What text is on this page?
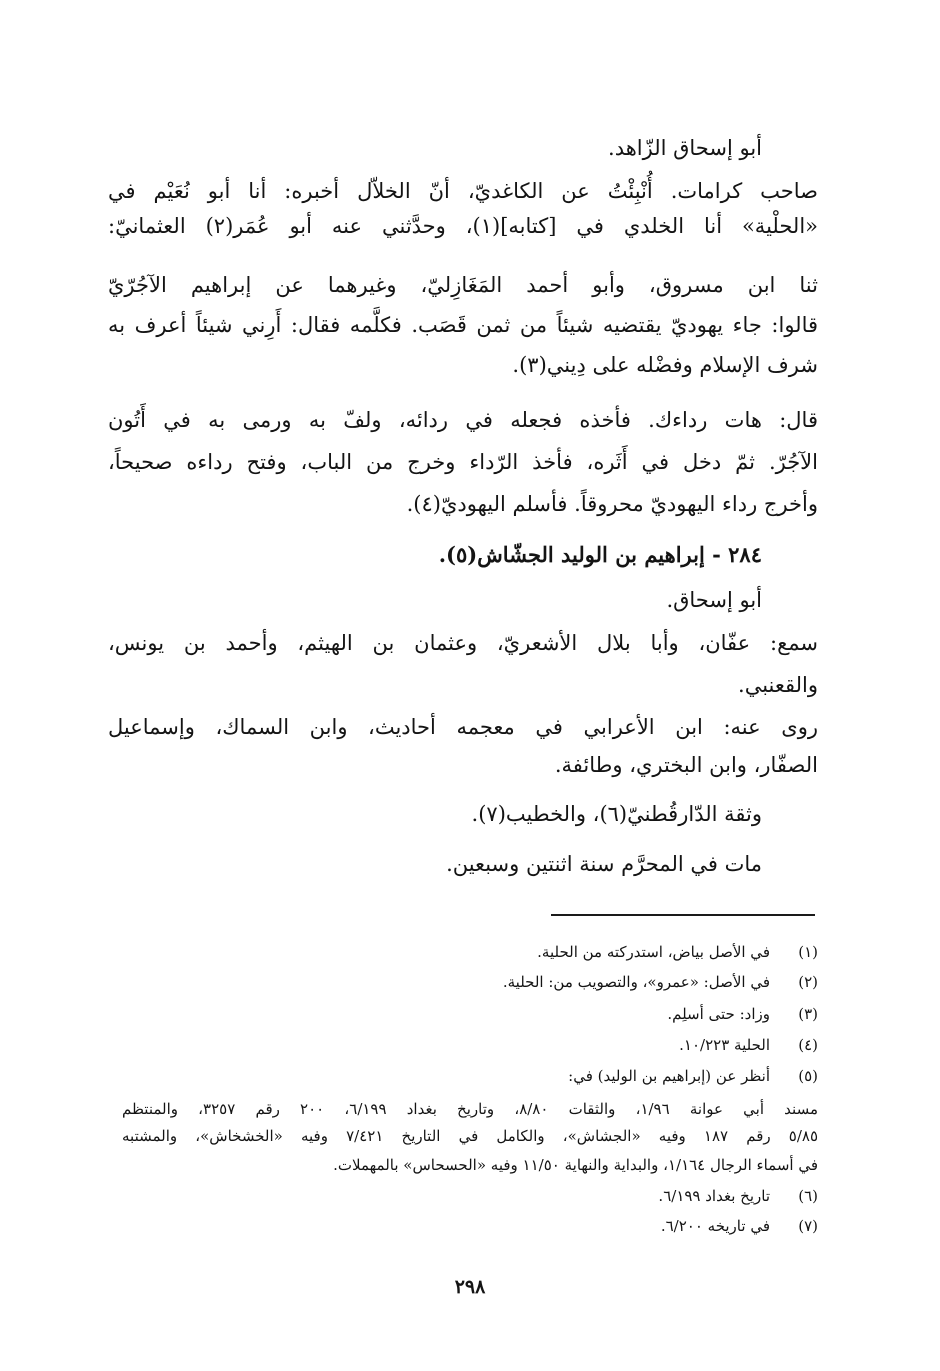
أبو إسحاق الزّاهد.
صاحب كرامات. أُنْبِئْتُ عن الكاغديّ، أنّ الخلاّل أخبره: أنا أبو نُعَيْم في
«الحلْية» أنا الخلدي في [كتابه](١)، وحدَّثني عنه أبو عُمَر(٢) العثمانيّ:
ثنا ابن مسروق، وأبو أحمد المَغَازِليّ، وغيرهما عن إبراهيم الآجُرّيّ
قالوا: جاء يهوديّ يقتضيه شيئاً من ثمن قَصَب. فكلَّمه فقال: أَرِني شيئاً أعرف به
شرف الإسلام وفضْله على دِيني(٣).
قال: هات رداءك. فأخذه فجعله في ردائه، ولفّ به ورمى به في أَتُون
الآجُرّ. ثمّ دخل في أَثَره، فأخذ الرّداء وخرج من الباب، وفتح رداءه صحيحاً،
وأخرج رداء اليهوديّ محروقاً. فأسلم اليهوديّ(٤).
٢٨٤ - إبراهيم بن الوليد الجشّاش(٥).
أبو إسحاق.
سمع: عفّان، وأبا بلال الأشعريّ، وعثمان بن الهيثم، وأحمد بن يونس،
والقعنبي.
روى عنه: ابن الأعرابي في معجمه أحاديث، وابن السماك، وإسماعيل
الصفّار، وابن البختري، وطائفة.
وثقة الدّارقُطنيّ(٦)، والخطيب(٧).
مات في المحرَّم سنة اثنتين وسبعين.
(١)
في الأصل بياض، استدركته من الحلية.
(٢)
في الأصل: «عمرو»، والتصويب من: الحلية.
(٣)
وزاد: حتى أسلِم.
(٤)
الحلية ١٠/٢٢٣.
(٥)
أنظر عن (إبراهيم بن الوليد) في:
مسند أبي عوانة ١/٩٦، والثقات ٨/٨٠، وتاريخ بغداد ٦/١٩٩، ٢٠٠ رقم ٣٢٥٧، والمنتظم
٥/٨٥ رقم ١٨٧ وفيه «الجشاش»، والكامل في التاريخ ٧/٤٢١ وفيه «الخشخاش»، والمشتبه
في أسماء الرجال ١/١٦٤، والبداية والنهاية ١١/٥٠ وفيه «الحسحاس» بالمهملات.
(٦)
تاريخ بغداد ٦/١٩٩.
(٧)
في تاريخه ٦/٢٠٠.
٢٩٨
